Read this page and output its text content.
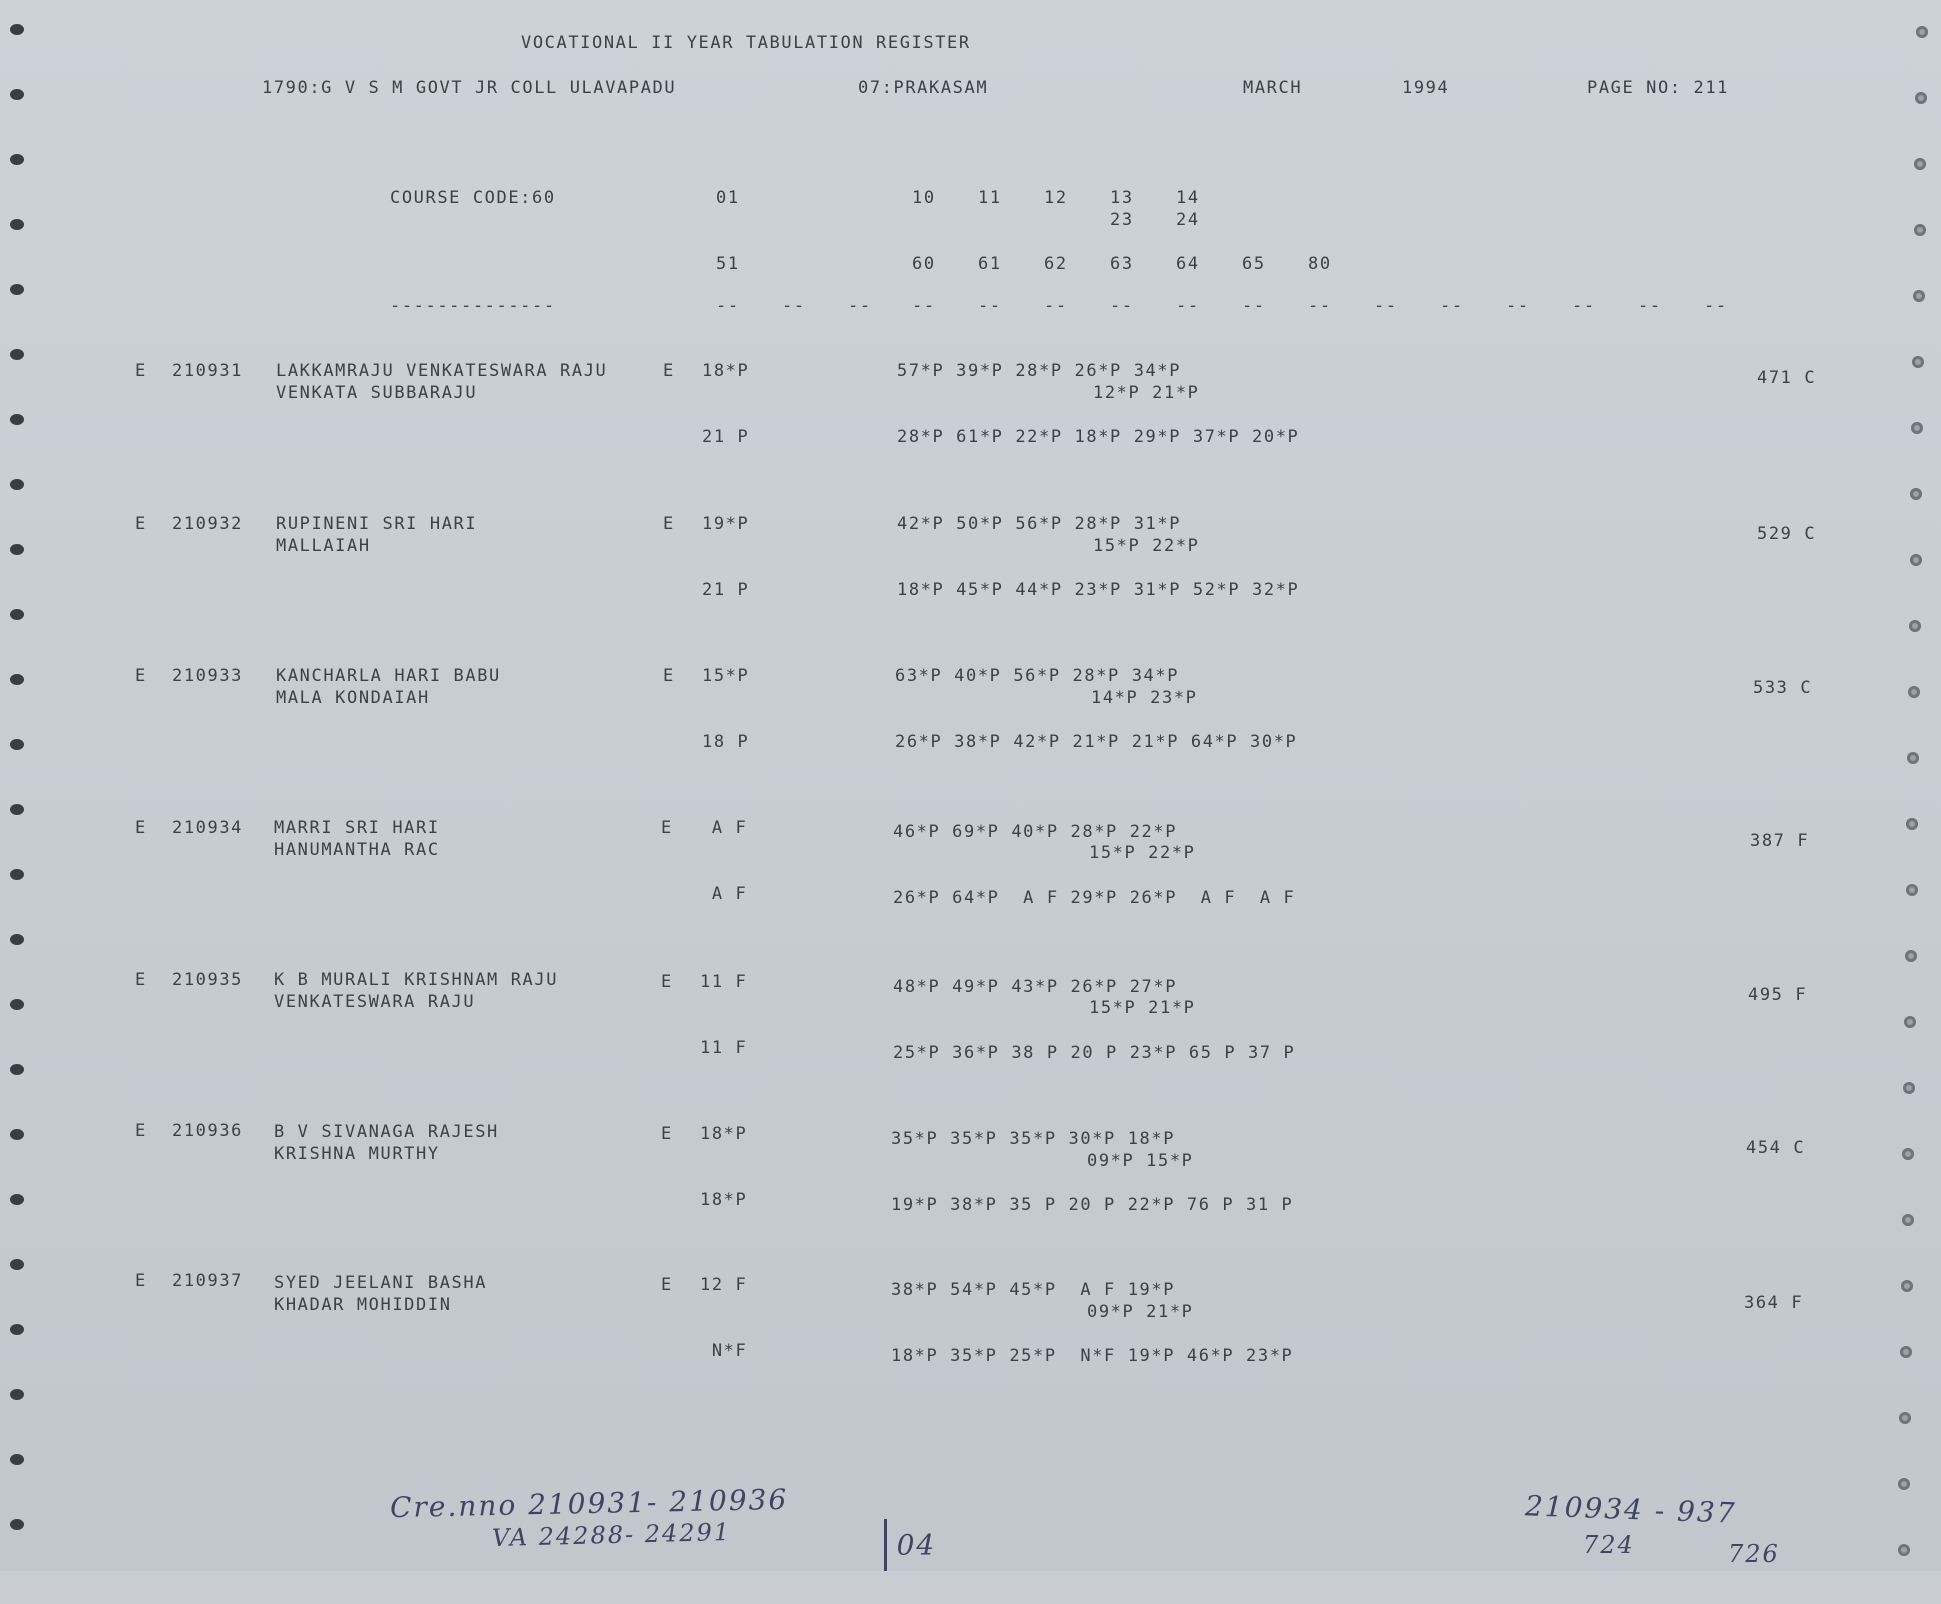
VOCATIONAL II YEAR TABULATION REGISTER
1790:G V S M GOVT JR COLL ULAVAPADU	07:PRAKASAM	MARCH	1994	PAGE NO: 211
COURSE CODE:60	01	10 11 12 13 14
23 24
51	60 61 62 63 64 65 80
--------------	-- -- -- -- -- -- -- -- -- -- -- -- -- -- -- --
E 210931 LAKKAMRAJU VENKATESWARA RAJU
VENKATA SUBBARAJU
E 18*P	57*P 39*P 28*P 26*P 34*P
12*P 21*P
21 P	28*P 61*P 22*P 18*P 29*P 37*P 20*P
471 C
E 210932 RUPINENI SRI HARI
MALLAIAH
E 19*P	42*P 50*P 56*P 28*P 31*P
15*P 22*P
21 P	18*P 45*P 44*P 23*P 31*P 52*P 32*P
529 C
E 210933 KANCHARLA HARI BABU
MALA KONDAIAH
E 15*P	63*P 40*P 56*P 28*P 34*P
14*P 23*P
18 P	26*P 38*P 42*P 21*P 21*P 64*P 30*P
533 C
E 210934 MARRI SRI HARI
HANUMANTHA RAC
E A F	46*P 69*P 40*P 28*P 22*P
15*P 22*P
A F	26*P 64*P  A F 29*P 26*P  A F  A F
387 F
E 210935 K B MURALI KRISHNAM RAJU
VENKATESWARA RAJU
E 11 F	48*P 49*P 43*P 26*P 27*P
15*P 21*P
11 F	25*P 36*P 38 P 20 P 23*P 65 P 37 P
495 F
E 210936 B V SIVANAGA RAJESH
KRISHNA MURTHY
E 18*P	35*P 35*P 35*P 30*P 18*P
09*P 15*P
18*P	19*P 38*P 35 P 20 P 22*P 76 P 31 P
454 C
E 210937 SYED JEELANI BASHA
KHADAR MOHIDDIN
E 12 F	38*P 54*P 45*P  A F 19*P
09*P 21*P
N*F	18*P 35*P 25*P  N*F 19*P 46*P 23*P
364 F
Cre.nno 210931- 210936
VA 24288- 24291	04

210934 - 937
724	726
